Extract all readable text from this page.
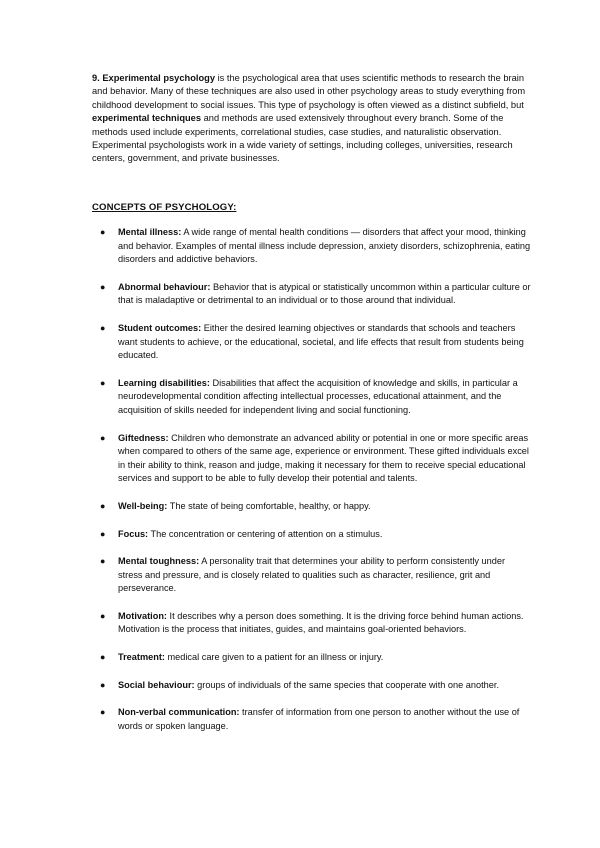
9. Experimental psychology is the psychological area that uses scientific methods to research the brain and behavior. Many of these techniques are also used in other psychology areas to study everything from childhood development to social issues. This type of psychology is often viewed as a distinct subfield, but experimental techniques and methods are used extensively throughout every branch. Some of the methods used include experiments, correlational studies, case studies, and naturalistic observation. Experimental psychologists work in a wide variety of settings, including colleges, universities, research centers, government, and private businesses.
CONCEPTS OF PSYCHOLOGY:
● Mental illness: A wide range of mental health conditions — disorders that affect your mood, thinking and behavior. Examples of mental illness include depression, anxiety disorders, schizophrenia, eating disorders and addictive behaviors.
● Abnormal behaviour: Behavior that is atypical or statistically uncommon within a particular culture or that is maladaptive or detrimental to an individual or to those around that individual.
● Student outcomes: Either the desired learning objectives or standards that schools and teachers want students to achieve, or the educational, societal, and life effects that result from students being educated.
● Learning disabilities: Disabilities that affect the acquisition of knowledge and skills, in particular a neurodevelopmental condition affecting intellectual processes, educational attainment, and the acquisition of skills needed for independent living and social functioning.
● Giftedness: Children who demonstrate an advanced ability or potential in one or more specific areas when compared to others of the same age, experience or environment. These gifted individuals excel in their ability to think, reason and judge, making it necessary for them to receive special educational services and support to be able to fully develop their potential and talents.
● Well-being: The state of being comfortable, healthy, or happy.
● Focus: The concentration or centering of attention on a stimulus.
● Mental toughness: A personality trait that determines your ability to perform consistently under stress and pressure, and is closely related to qualities such as character, resilience, grit and perseverance.
● Motivation: It describes why a person does something. It is the driving force behind human actions. Motivation is the process that initiates, guides, and maintains goal-oriented behaviors.
● Treatment: medical care given to a patient for an illness or injury.
● Social behaviour: groups of individuals of the same species that cooperate with one another.
● Non-verbal communication: transfer of information from one person to another without the use of words or spoken language.
